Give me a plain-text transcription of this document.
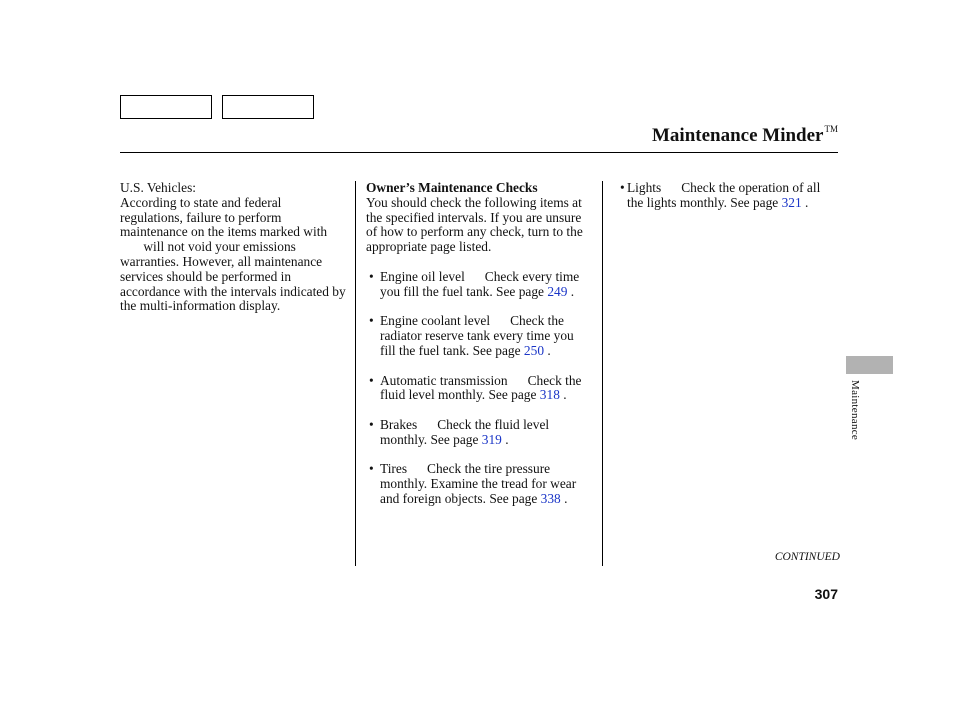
Maintenance Minder™

U.S. Vehicles:

According to state and federal regulations, failure to perform maintenance on the items marked with  will not void your emissions warranties. However, all maintenance services should be performed in accordance with the intervals indicated by the multi-information display.

Owner’s Maintenance Checks

You should check the following items at the specified intervals. If you are unsure of how to perform any check, turn to the appropriate page listed.

• Engine oil level Check every time you fill the fuel tank. See page 249 .
• Engine coolant level Check the radiator reserve tank every time you fill the fuel tank. See page 250 .
• Automatic transmission Check the fluid level monthly. See page 318 .
• Brakes Check the fluid level monthly. See page 319 .
• Tires Check the tire pressure monthly. Examine the tread for wear and foreign objects. See page 338 .
• Lights Check the operation of all the lights monthly. See page 321 .
Maintenance
CONTINUED
307
